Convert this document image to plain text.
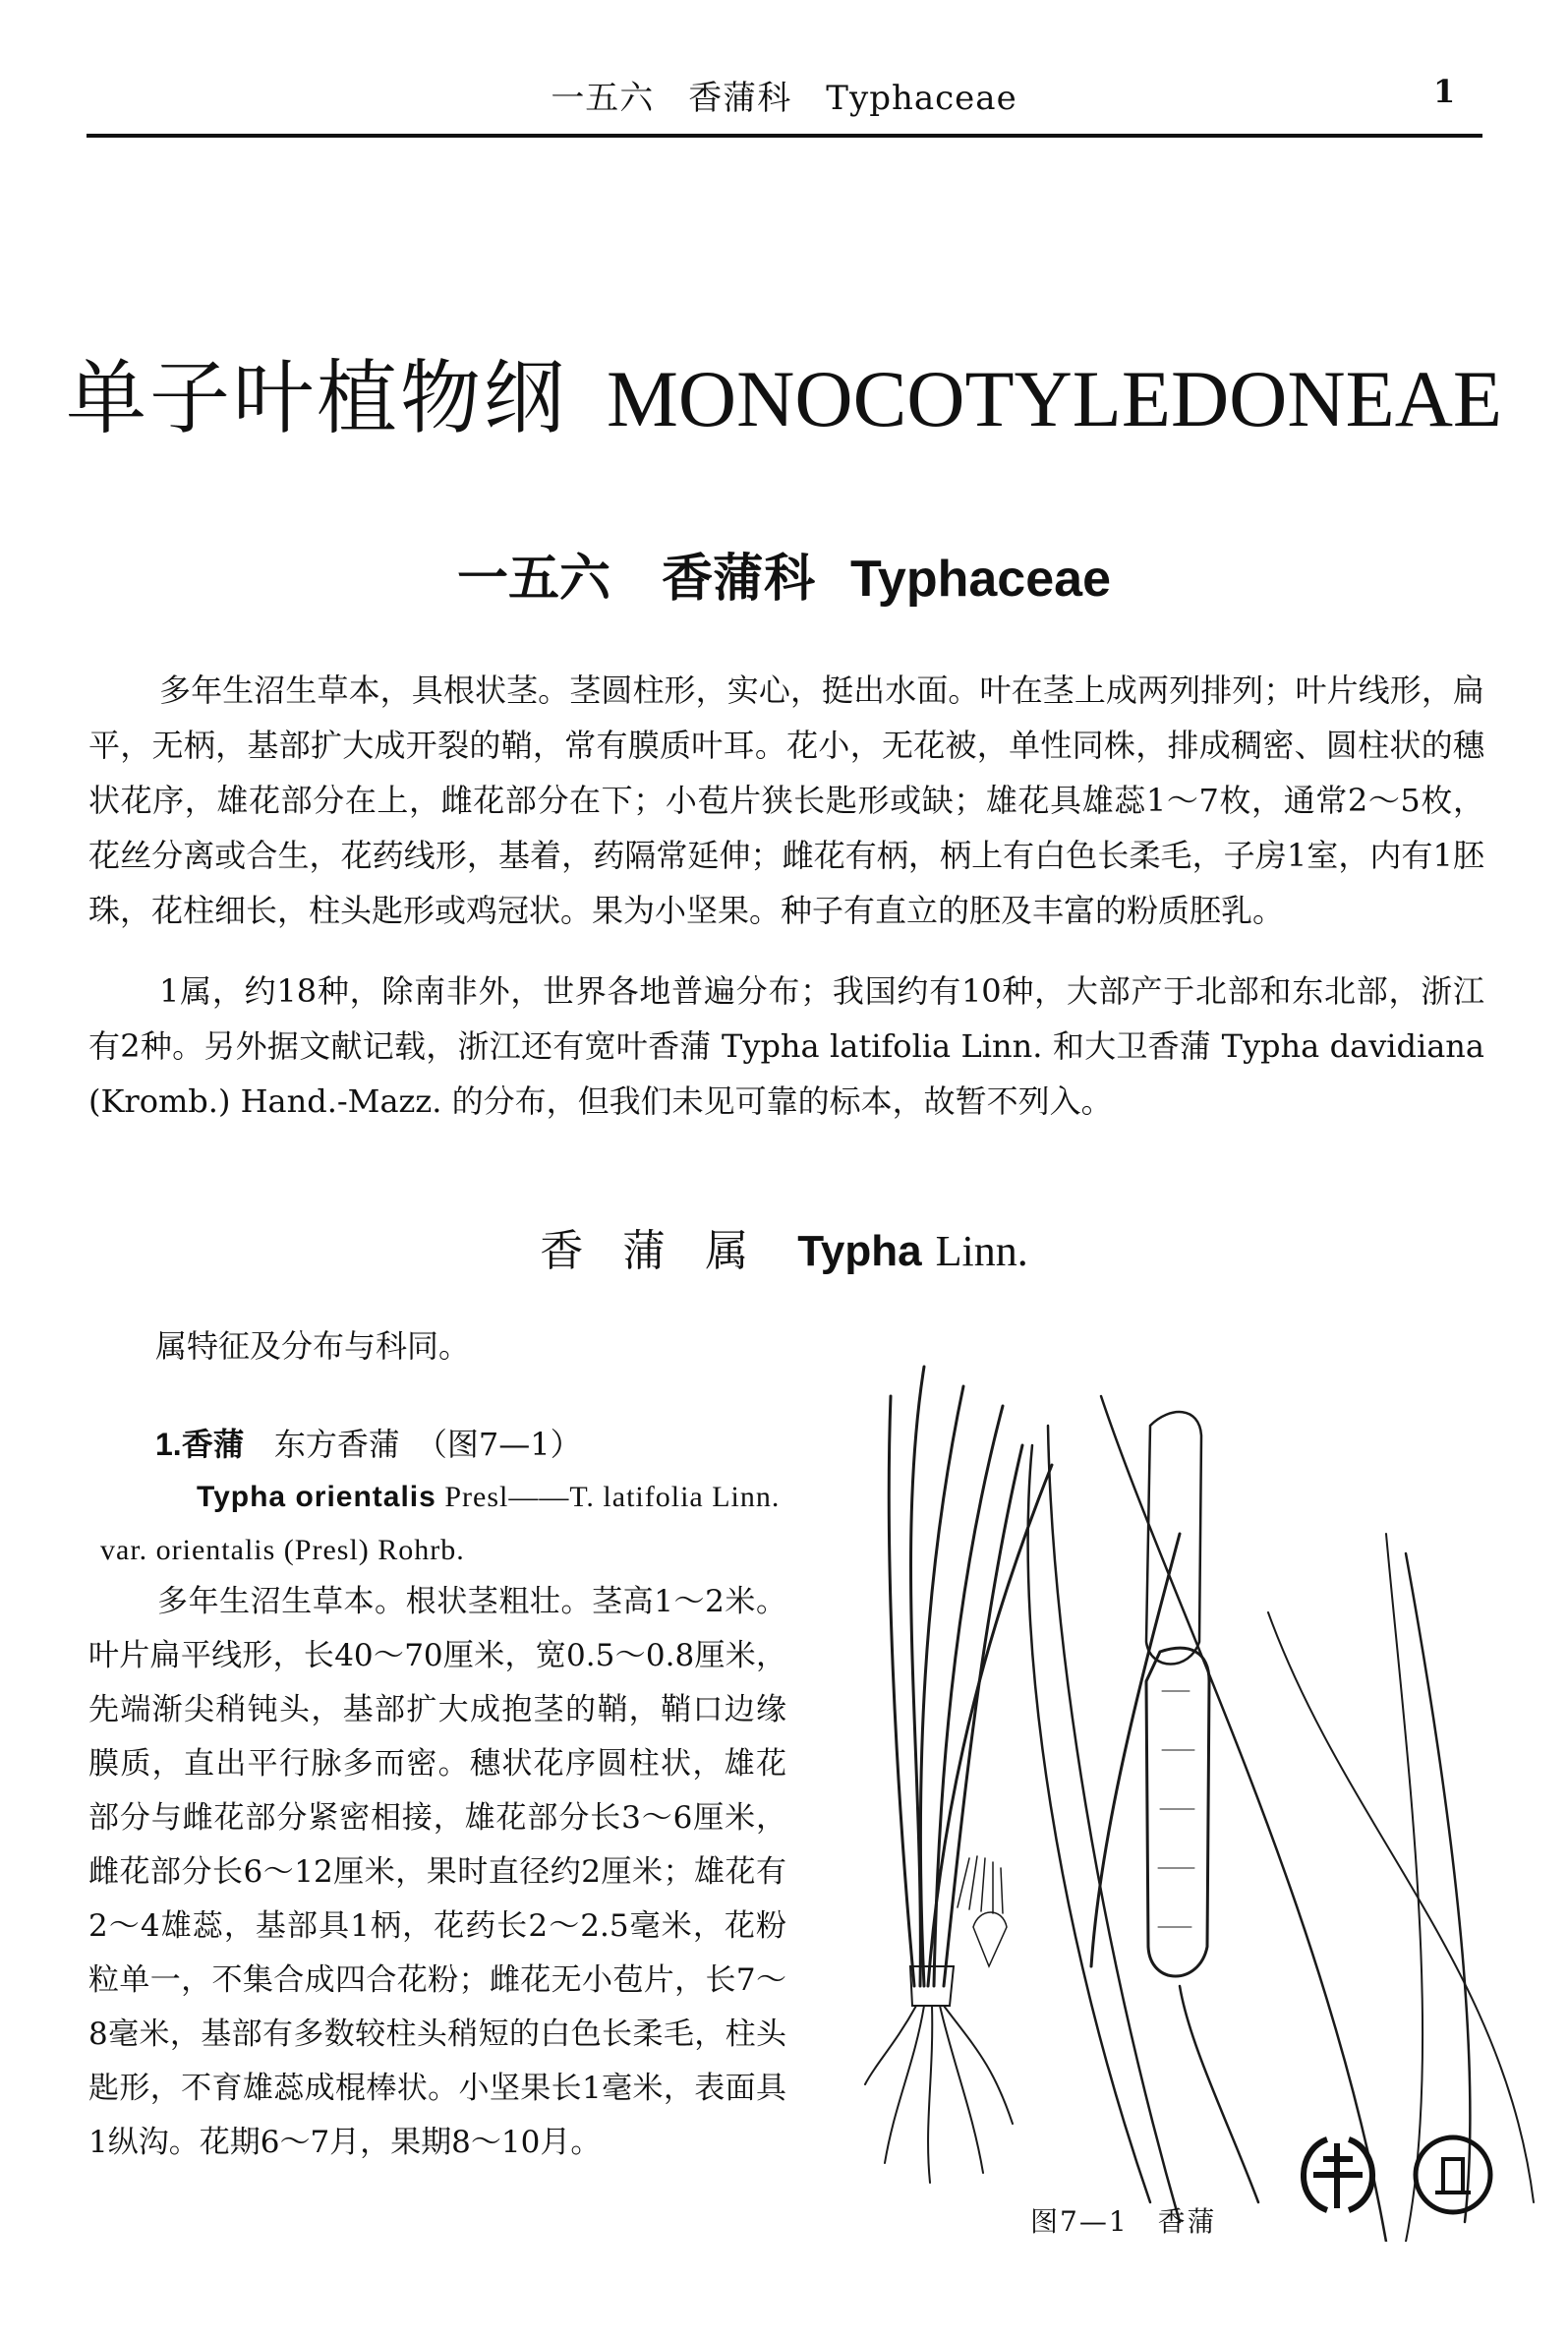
一五六　香蒲科　Typhaceae	1
单子叶植物纲 MONOCOTYLEDONEAE
一五六　香蒲科 Typhaceae
多年生沼生草本，具根状茎。茎圆柱形，实心，挺出水面。叶在茎上成两列排列；叶片线形，扁平，无柄，基部扩大成开裂的鞘，常有膜质叶耳。花小，无花被，单性同株，排成稠密、圆柱状的穗状花序，雄花部分在上，雌花部分在下；小苞片狭长匙形或缺；雄花具雄蕊1～7枚，通常2～5枚，花丝分离或合生，花药线形，基着，药隔常延伸；雌花有柄，柄上有白色长柔毛，子房1室，内有1胚珠，花柱细长，柱头匙形或鸡冠状。果为小坚果。种子有直立的胚及丰富的粉质胚乳。
1属，约18种，除南非外，世界各地普遍分布；我国约有10种，大部产于北部和东北部，浙江有2种。另外据文献记载，浙江还有宽叶香蒲 Typha latifolia Linn. 和大卫香蒲 Typha davidiana (Kromb.) Hand.-Mazz. 的分布，但我们未见可靠的标本，故暂不列入。
香蒲属 Typha Linn.
属特征及分布与科同。
1.香蒲 东方香蒲　（图7—1）
Typha orientalis Presl——T. latifolia Linn. var. orientalis (Presl) Rohrb.
多年生沼生草本。根状茎粗壮。茎高1～2米。叶片扁平线形，长40～70厘米，宽0.5～0.8厘米，先端渐尖稍钝头，基部扩大成抱茎的鞘，鞘口边缘膜质，直出平行脉多而密。穗状花序圆柱状，雄花部分与雌花部分紧密相接，雄花部分长3～6厘米，雌花部分长6～12厘米，果时直径约2厘米；雄花有2～4雄蕊，基部具1柄，花药长2～2.5毫米，花粉粒单一，不集合成四合花粉；雌花无小苞片，长7～8毫米，基部有多数较柱头稍短的白色长柔毛，柱头匙形，不育雄蕊成棍棒状。小坚果长1毫米，表面具1纵沟。花期6～7月，果期8～10月。
图7—1　香蒲
